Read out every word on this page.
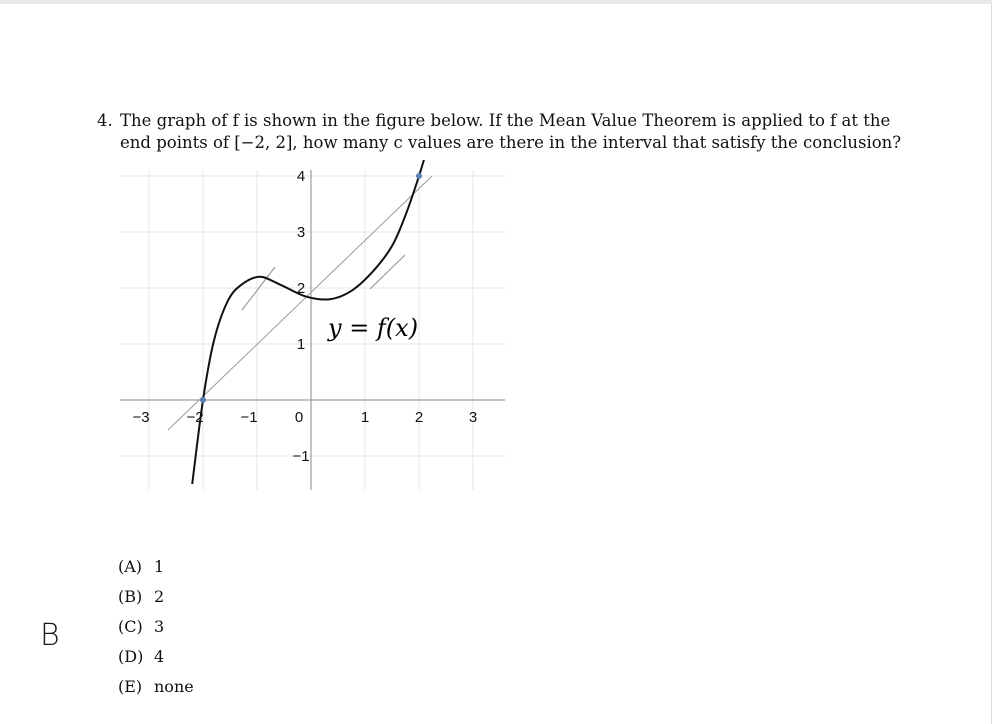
4. The graph of f is shown in the figure below. If the Mean Value Theorem is applied to f at the
end points of [−2, 2], how many c values are there in the interval that satisfy the conclusion?
−3 −2 −1 0	1	2	3
4
3
2
1
−1
y = f(x)
(A) 1
(B) 2
(C) 3
(D) 4
(E) none
B
